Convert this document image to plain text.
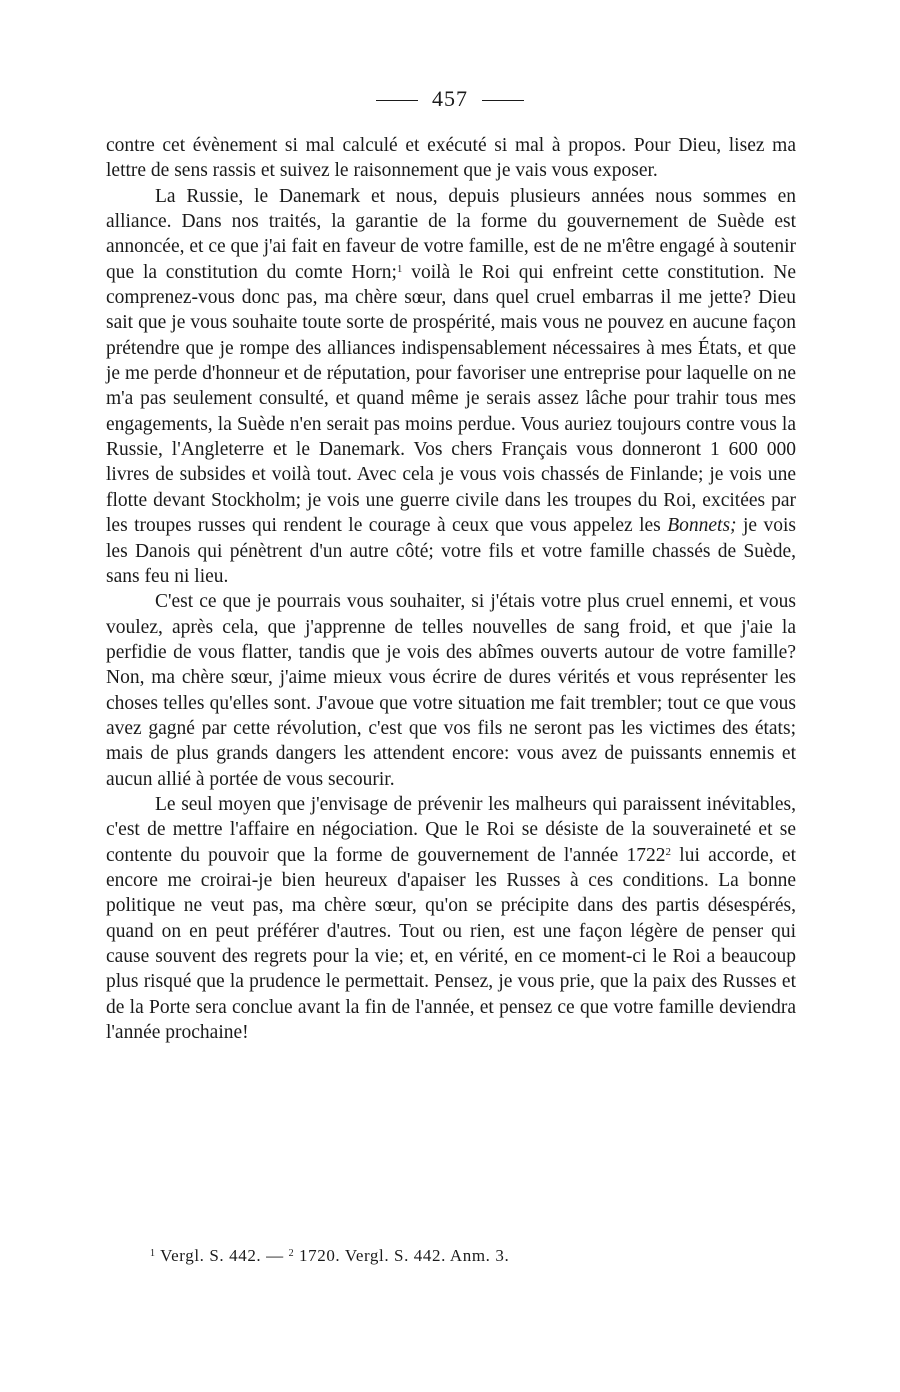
457

contre cet évènement si mal calculé et exécuté si mal à propos. Pour Dieu, lisez ma lettre de sens rassis et suivez le raisonnement que je vais vous exposer.

La Russie, le Danemark et nous, depuis plusieurs années nous sommes en alliance. Dans nos traités, la garantie de la forme du gouvernement de Suède est annoncée, et ce que j'ai fait en faveur de votre famille, est de ne m'être engagé à soutenir que la constitution du comte Horn;$^1$ voilà le Roi qui enfreint cette constitution. Ne comprenez-vous donc pas, ma chère sœur, dans quel cruel embarras il me jette? Dieu sait que je vous souhaite toute sorte de prospérité, mais vous ne pouvez en aucune façon prétendre que je rompe des alliances indispensablement nécessaires à mes États, et que je me perde d'honneur et de réputation, pour favoriser une entreprise pour laquelle on ne m'a pas seulement consulté, et quand même je serais assez lâche pour trahir tous mes engagements, la Suède n'en serait pas moins perdue. Vous auriez toujours contre vous la Russie, l'Angleterre et le Danemark. Vos chers Français vous donneront 1 600 000 livres de subsides et voilà tout. Avec cela je vous vois chassés de Finlande; je vois une flotte devant Stockholm; je vois une guerre civile dans les troupes du Roi, excitées par les troupes russes qui rendent le courage à ceux que vous appelez les Bonnets; je vois les Danois qui pénètrent d'un autre côté; votre fils et votre famille chassés de Suède, sans feu ni lieu.

C'est ce que je pourrais vous souhaiter, si j'étais votre plus cruel ennemi, et vous voulez, après cela, que j'apprenne de telles nouvelles de sang froid, et que j'aie la perfidie de vous flatter, tandis que je vois des abîmes ouverts autour de votre famille? Non, ma chère sœur, j'aime mieux vous écrire de dures vérités et vous représenter les choses telles qu'elles sont. J'avoue que votre situation me fait trembler; tout ce que vous avez gagné par cette révolution, c'est que vos fils ne seront pas les victimes des états; mais de plus grands dangers les attendent encore: vous avez de puissants ennemis et aucun allié à portée de vous secourir.

Le seul moyen que j'envisage de prévenir les malheurs qui paraissent inévitables, c'est de mettre l'affaire en négociation. Que le Roi se désiste de la souveraineté et se contente du pouvoir que la forme de gouvernement de l'année 1722$^2$ lui accorde, et encore me croirai-je bien heureux d'apaiser les Russes à ces conditions. La bonne politique ne veut pas, ma chère sœur, qu'on se précipite dans des partis désespérés, quand on en peut préférer d'autres. Tout ou rien, est une façon légère de penser qui cause souvent des regrets pour la vie; et, en vérité, en ce moment-ci le Roi a beaucoup plus risqué que la prudence le permettait. Pensez, je vous prie, que la paix des Russes et de la Porte sera conclue avant la fin de l'année, et pensez ce que votre famille deviendra l'année prochaine!

$^1$ Vergl. S. 442. — $^2$ 1720. Vergl. S. 442. Anm. 3.
